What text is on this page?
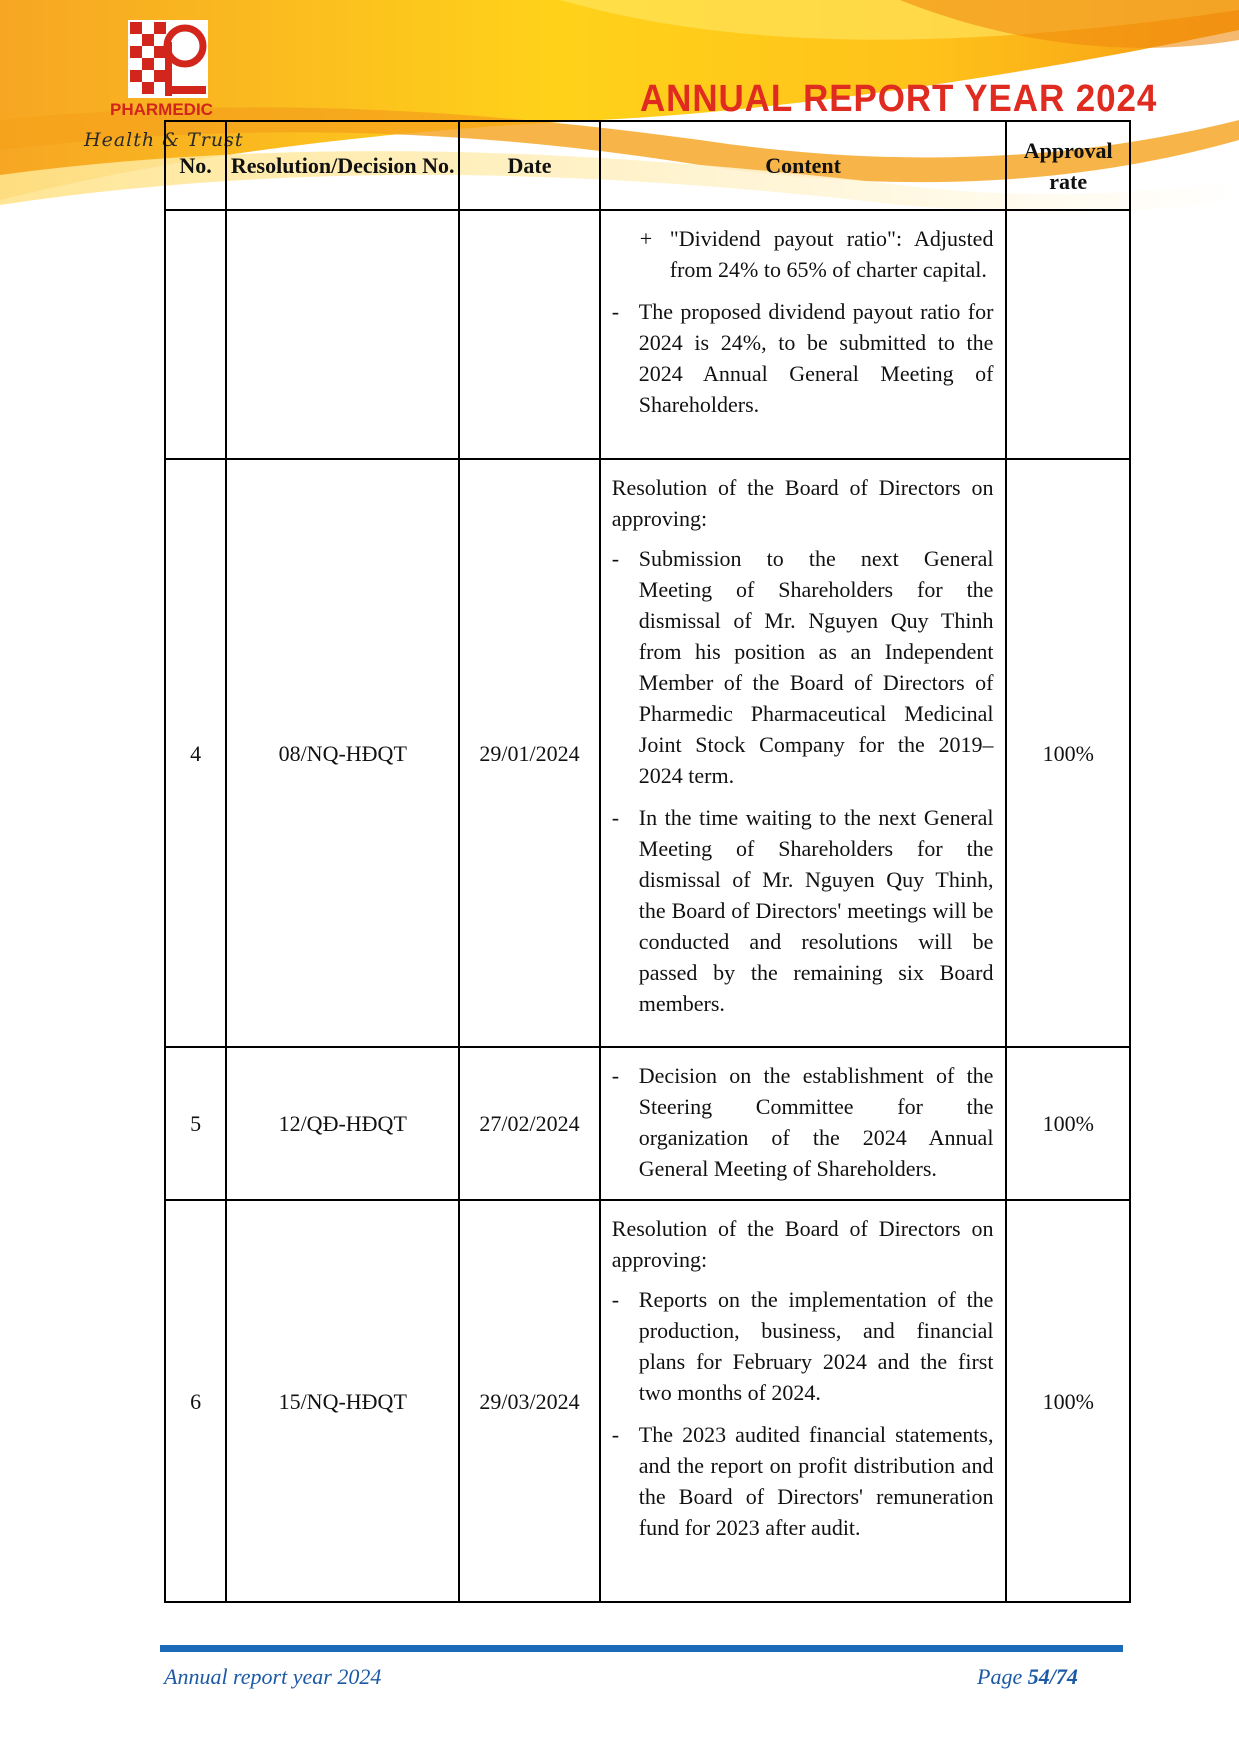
PHARMEDIC
Health & Trust
ANNUAL REPORT YEAR 2024
No.	Resolution/Decision No.	Date	Content	Approval rate

			+ "Dividend payout ratio": Adjusted from 24% to 65% of charter capital.
- The proposed dividend payout ratio for 2024 is 24%, to be submitted to the 2024 Annual General Meeting of Shareholders.	

4	08/NQ-HĐQT	29/01/2024	Resolution of the Board of Directors on approving:
- Submission to the next General Meeting of Shareholders for the dismissal of Mr. Nguyen Quy Thinh from his position as an Independent Member of the Board of Directors of Pharmedic Pharmaceutical Medicinal Joint Stock Company for the 2019–2024 term.
- In the time waiting to the next General Meeting of Shareholders for the dismissal of Mr. Nguyen Quy Thinh, the Board of Directors' meetings will be conducted and resolutions will be passed by the remaining six Board members.	100%
5	12/QĐ-HĐQT	27/02/2024	- Decision on the establishment of the Steering Committee for the organization of the 2024 Annual General Meeting of Shareholders.	100%
6	15/NQ-HĐQT	29/03/2024	Resolution of the Board of Directors on approving:
- Reports on the implementation of the production, business, and financial plans for February 2024 and the first two months of 2024.
- The 2023 audited financial statements, and the report on profit distribution and the Board of Directors' remuneration fund for 2023 after audit.	100%
Annual report year 2024	Page 54/74
